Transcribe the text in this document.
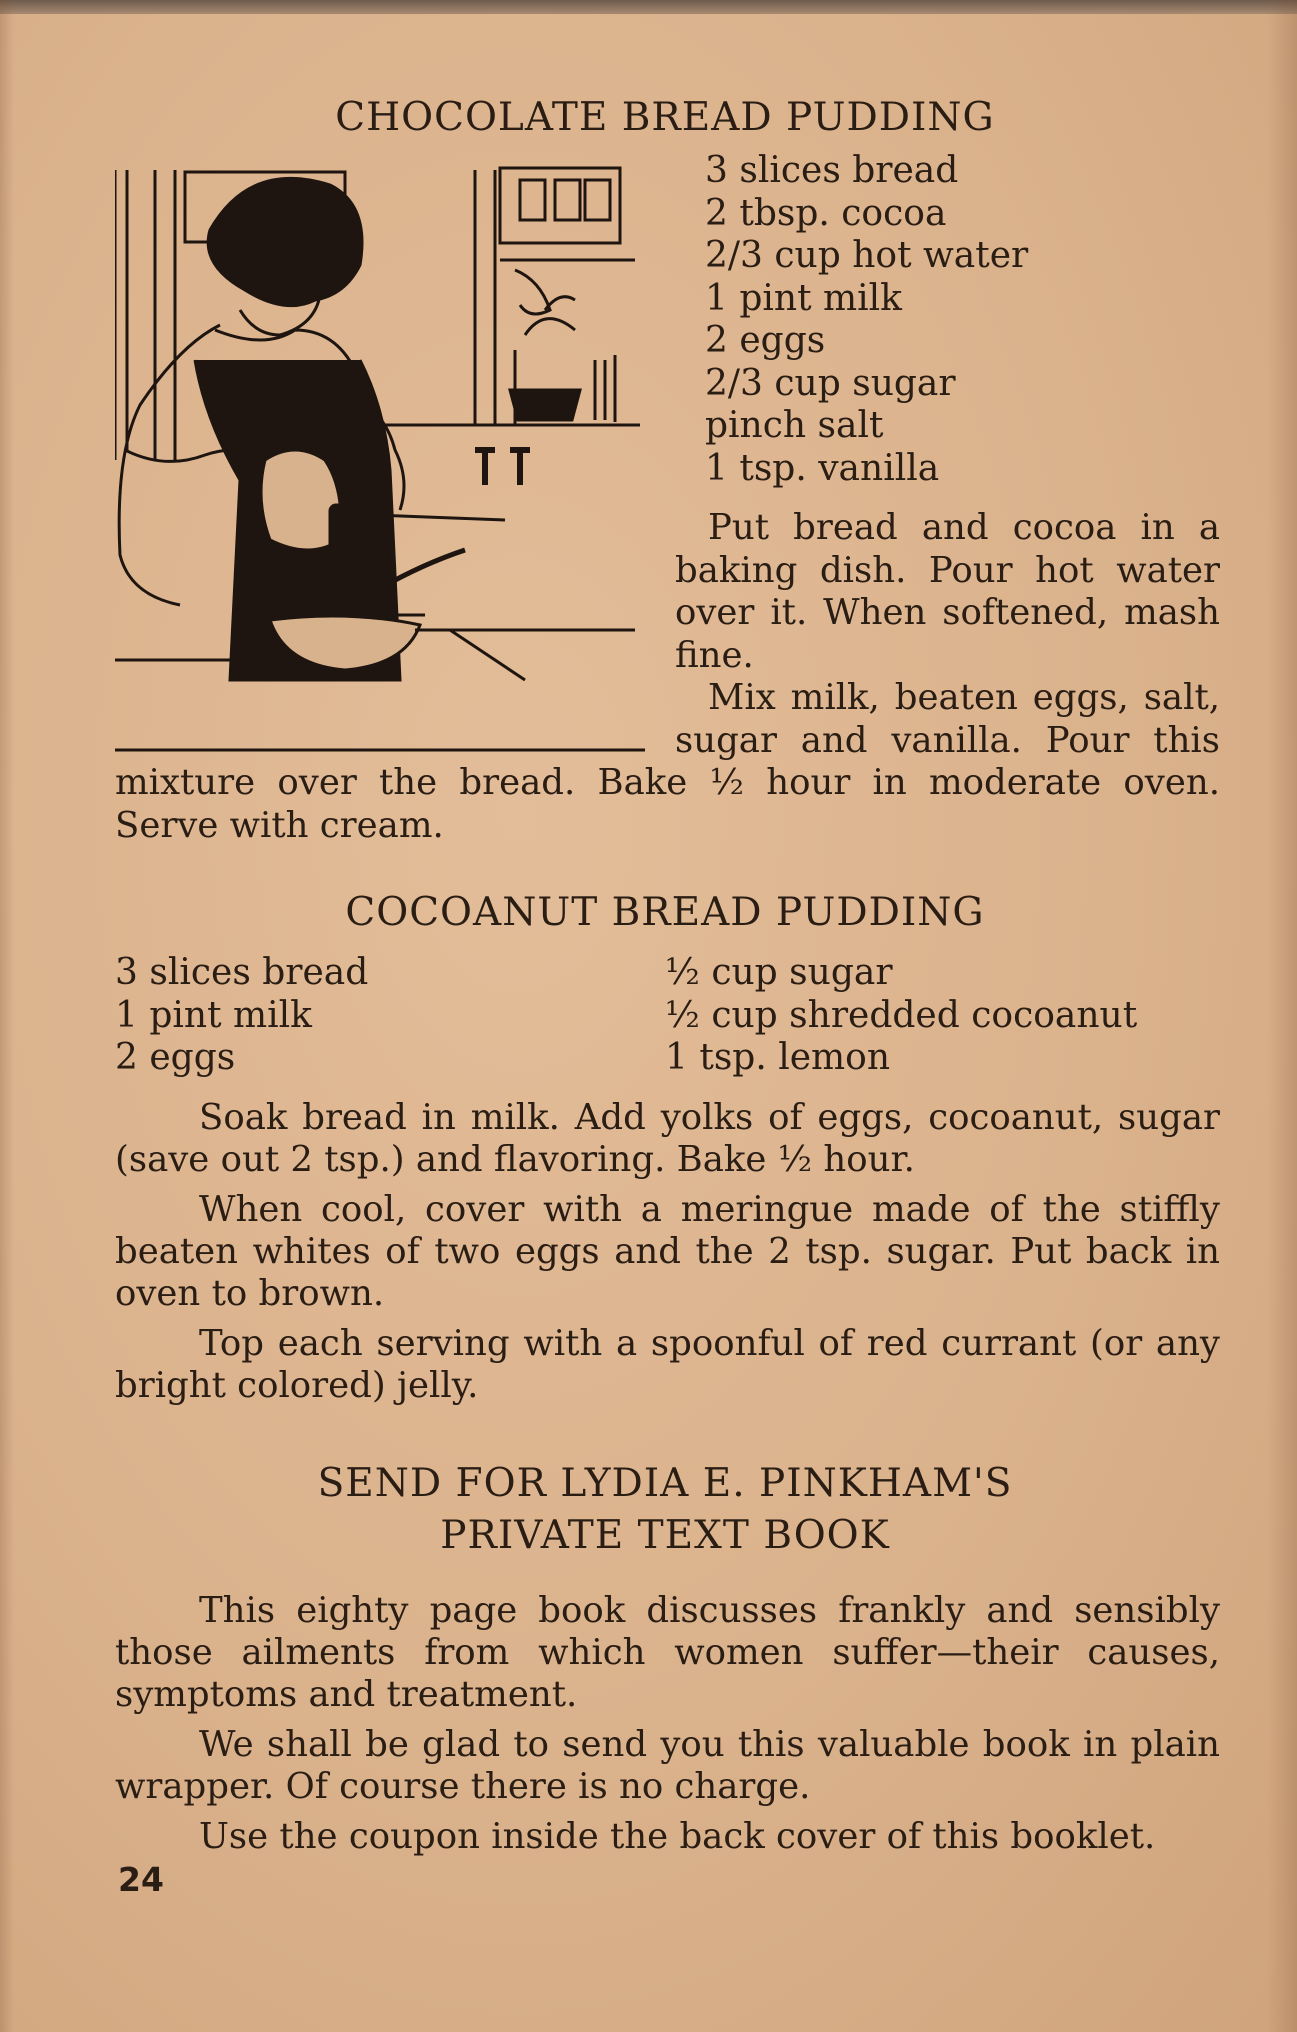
CHOCOLATE BREAD PUDDING
3 slices bread
2 tbsp. cocoa
2/3 cup hot water
1 pint milk
2 eggs
2/3 cup sugar
pinch salt
1 tsp. vanilla

Put bread and cocoa in a baking dish. Pour hot water over it. When softened, mash fine.

Mix milk, beaten eggs, salt, sugar and vanilla. Pour this mixture over the bread. Bake ½ hour in moderate oven. Serve with cream.

COCOANUT BREAD PUDDING
3 slices bread
1 pint milk
2 eggs
½ cup sugar
½ cup shredded cocoanut
1 tsp. lemon

Soak bread in milk. Add yolks of eggs, cocoanut, sugar (save out 2 tsp.) and flavoring. Bake ½ hour.

When cool, cover with a meringue made of the stiffly beaten whites of two eggs and the 2 tsp. sugar. Put back in oven to brown.

Top each serving with a spoonful of red currant (or any bright colored) jelly.

SEND FOR LYDIA E. PINKHAM'S
PRIVATE TEXT BOOK

This eighty page book discusses frankly and sensibly those ailments from which women suffer—their causes, symptoms and treatment.

We shall be glad to send you this valuable book in plain wrapper. Of course there is no charge.

Use the coupon inside the back cover of this booklet.

24
